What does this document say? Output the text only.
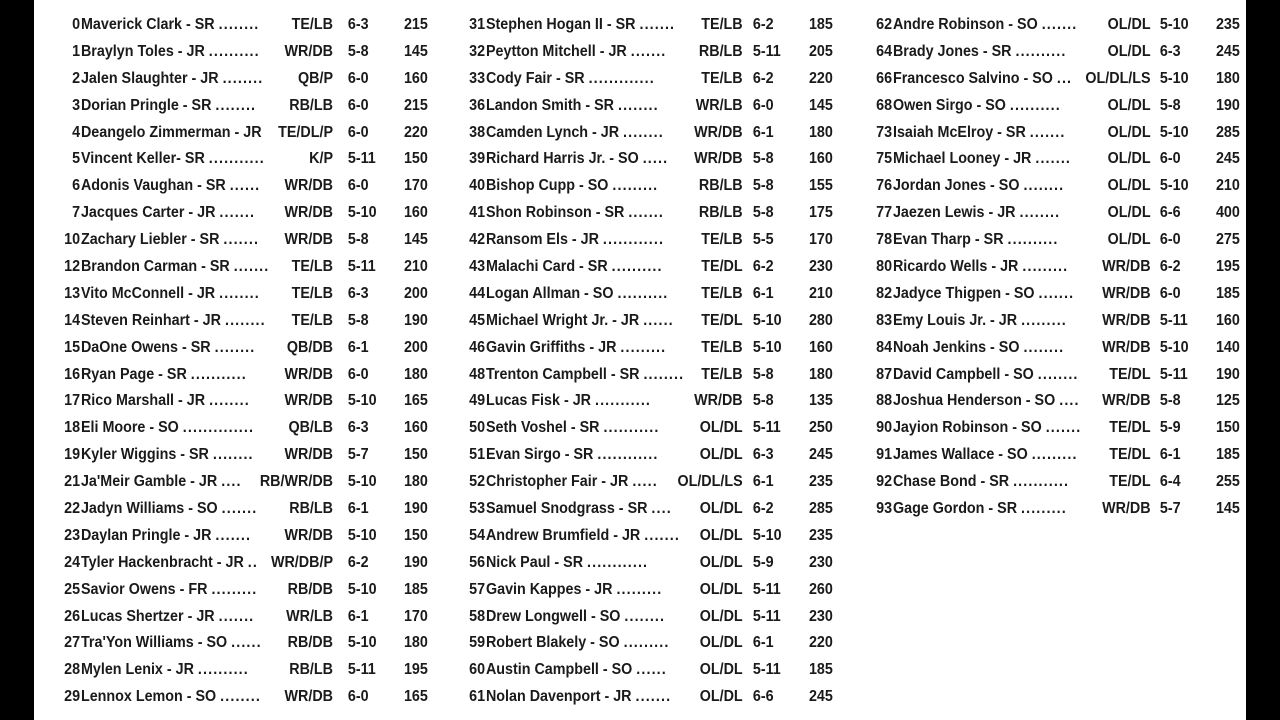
0 Maverick Clark - SR ........ TE/LB 6-3	215
1 Braylyn Toles - JR .......... WR/DB 5-8	145
2 Jalen Slaughter - JR ........ QB/P 6-0	160
3 Dorian Pringle - SR ........ RB/LB 6-0	215
4 Deangelo Zimmerman - JR TE/DL/P 6-0	220
5 Vincent Keller- SR ...........	K/P 5-11	150
6 Adonis Vaughan - SR ...... WR/DB 6-0	170
7 Jacques Carter - JR ....... WR/DB 5-10	160
10 Zachary Liebler - SR ....... WR/DB 5-8	145
12 Brandon Carman - SR ....... TE/LB 5-11	210
13 Vito McConnell - JR ........ TE/LB 6-3	200
14 Steven Reinhart - JR ........ TE/LB 5-8	190
15 DaOne Owens - SR ........ QB/DB 6-1	200
16 Ryan Page - SR ........... WR/DB 6-0	180
17 Rico Marshall - JR ........ WR/DB 5-10	165
18 Eli Moore - SO .............. QB/LB 6-3	160
19 Kyler Wiggins - SR ........ WR/DB 5-7	150
21 Ja'Meir Gamble - JR .... RB/WR/DB 5-10	180
22 Jadyn Williams - SO ....... RB/LB 6-1	190
23 Daylan Pringle - JR ....... WR/DB 5-10	150
24 Tyler Hackenbracht - JR .. WR/DB/P 6-2	190
25 Savior Owens - FR ......... RB/DB 5-10	185
26 Lucas Shertzer - JR ....... WR/LB 6-1	170
27 Tra'Yon Williams - SO ...... RB/DB 5-10	180
28 Mylen Lenix - JR ..........	RB/LB 5-11	195
29 Lennox Lemon - SO ........ WR/DB 6-0	165
31 Stephen Hogan II - SR ....... TE/LB 6-2	185
32 Peytton Mitchell - JR ....... RB/LB 5-11	205
33 Cody Fair - SR .............	TE/LB 6-2	220
36 Landon Smith - SR ........ WR/LB 6-0	145
38 Camden Lynch - JR ........ WR/DB 6-1	180
39 Richard Harris Jr. - SO ..... WR/DB 5-8	160
40 Bishop Cupp - SO .........	RB/LB 5-8	155
41 Shon Robinson - SR ....... RB/LB 5-8	175
42 Ransom Els - JR ............ TE/LB 5-5	170
43 Malachi Card - SR ..........	TE/DL 6-2	230
44 Logan Allman - SO .......... TE/LB 6-1	210
45 Michael Wright Jr. - JR ...... TE/DL 5-10	280
46 Gavin Griffiths - JR ......... TE/LB 5-10	160
48 Trenton Campbell - SR ........ TE/LB 5-8	180
49 Lucas Fisk - JR ...........	WR/DB 5-8	135
50 Seth Voshel - SR ...........	OL/DL 5-11	250
51 Evan Sirgo - SR ............	OL/DL 6-3	245
52 Christopher Fair - JR ..... OL/DL/LS 6-1	235
53 Samuel Snodgrass - SR .... OL/DL 6-2	285
54 Andrew Brumfield - JR ....... OL/DL 5-10	235
56 Nick Paul - SR ............	OL/DL 5-9	230
57 Gavin Kappes - JR ......... OL/DL 5-11	260
58 Drew Longwell - SO ........ OL/DL 5-11	230
59 Robert Blakely - SO ......... OL/DL 6-1	220
60 Austin Campbell - SO ...... OL/DL 5-11	185
61 Nolan Davenport - JR ....... OL/DL 6-6	245
62 Andre Robinson - SO ....... OL/DL 5-10	235
64 Brady Jones - SR ..........	OL/DL 6-3	245
66 Francesco Salvino - SO ... OL/DL/LS 5-10	180
68 Owen Sirgo - SO ..........	OL/DL 5-8	190
73 Isaiah McElroy - SR .......	OL/DL 5-10	285
75 Michael Looney - JR ....... OL/DL 6-0	245
76 Jordan Jones - SO ........	OL/DL 5-10	210
77 Jaezen Lewis - JR ........	OL/DL 6-6	400
78 Evan Tharp - SR ..........	OL/DL 6-0	275
80 Ricardo Wells - JR ......... WR/DB 6-2	195
82 Jadyce Thigpen - SO ....... WR/DB 6-0	185
83 Emy Louis Jr. - JR ......... WR/DB 5-11	160
84 Noah Jenkins - SO ........ WR/DB 5-10	140
87 David Campbell - SO ........ TE/DL 5-11	190
88 Joshua Henderson - SO .... WR/DB 5-8	125
90 Jayion Robinson - SO ....... TE/DL 5-9	150
91 James Wallace - SO ......... TE/DL 6-1	185
92 Chase Bond - SR ...........	TE/DL 6-4	255
93 Gage Gordon - SR ......... WR/DB 5-7	145
